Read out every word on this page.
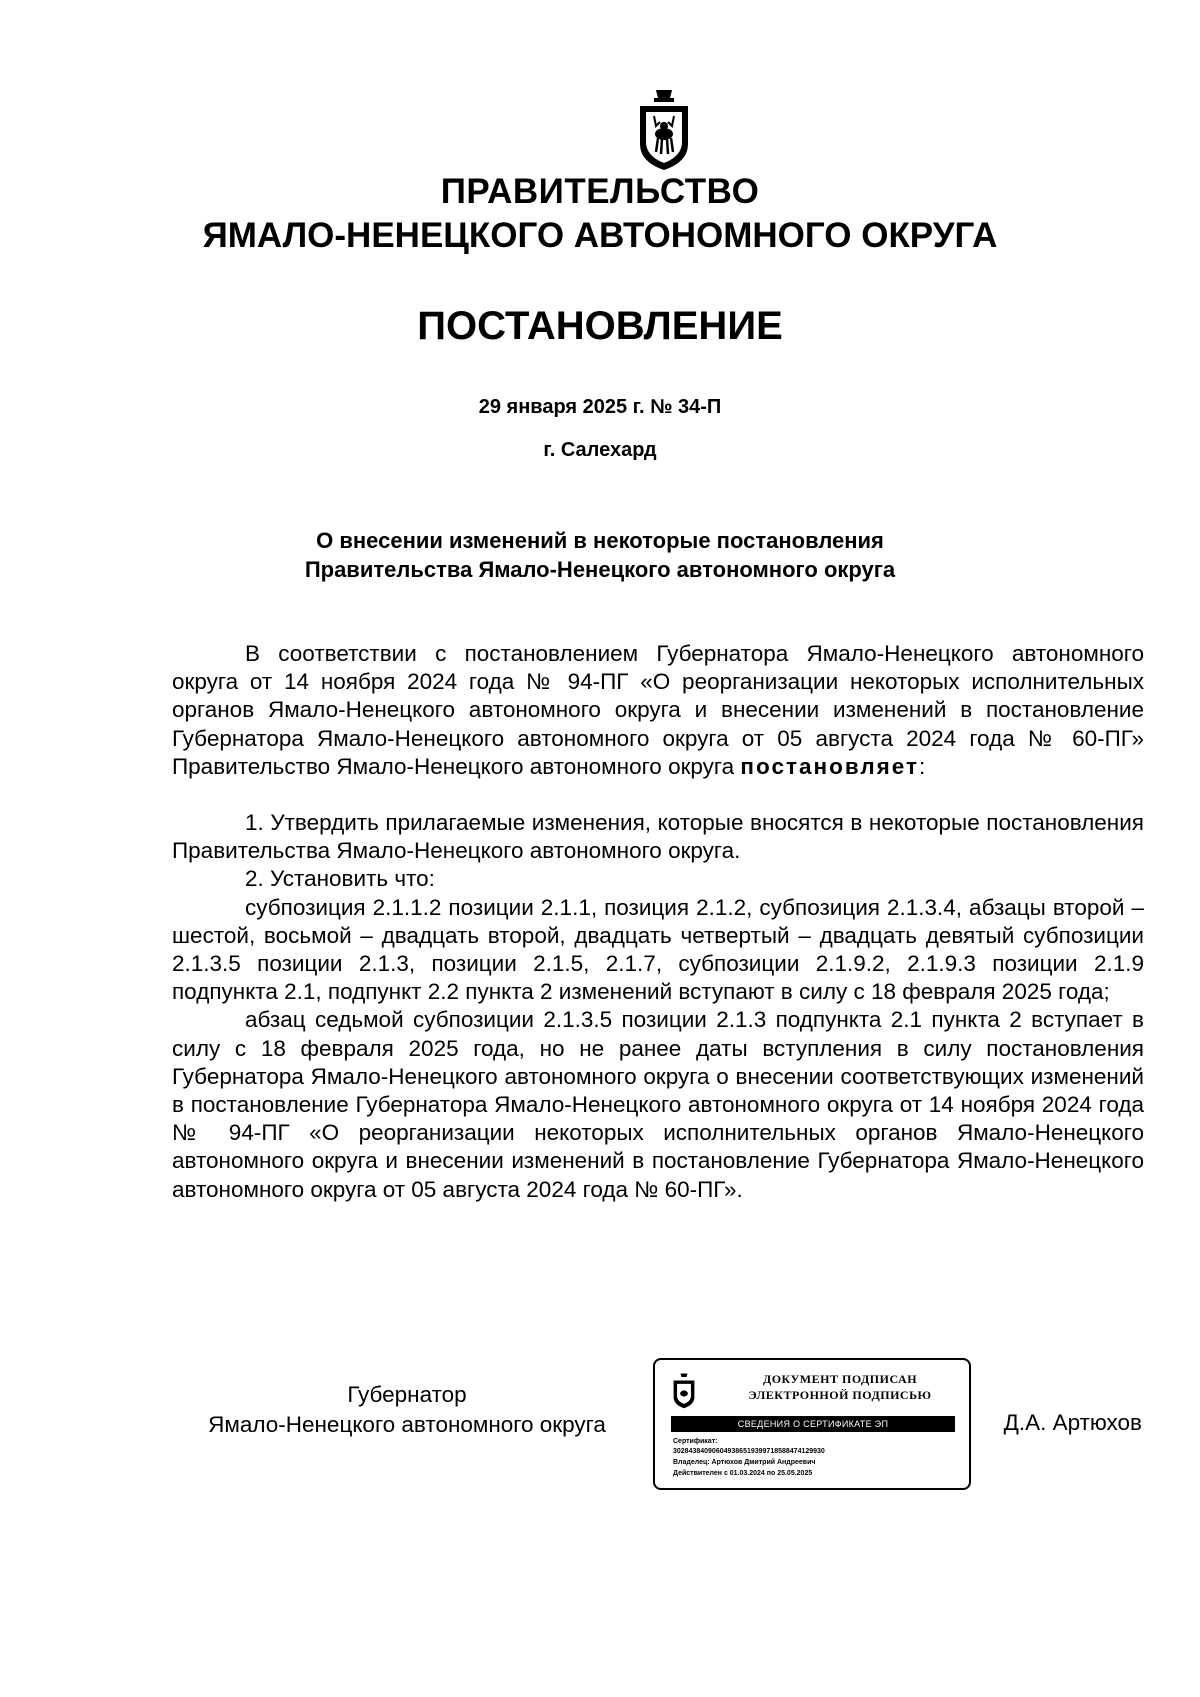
ПРАВИТЕЛЬСТВО
ЯМАЛО-НЕНЕЦКОГО АВТОНОМНОГО ОКРУГА
ПОСТАНОВЛЕНИЕ
29 января 2025 г. № 34-П
г. Салехард
О внесении изменений в некоторые постановления
Правительства Ямало-Ненецкого автономного округа

В соответствии с постановлением Губернатора Ямало-Ненецкого автономного округа от 14 ноября 2024 года № 94-ПГ «О реорганизации некоторых исполнительных органов Ямало-Ненецкого автономного округа и внесении изменений в постановление Губернатора Ямало-Ненецкого автономного округа от 05 августа 2024 года № 60-ПГ» Правительство Ямало-Ненецкого автономного округа постановляет:

1. Утвердить прилагаемые изменения, которые вносятся в некоторые постановления Правительства Ямало-Ненецкого автономного округа.

2. Установить что:

субпозиция 2.1.1.2 позиции 2.1.1, позиция 2.1.2, субпозиция 2.1.3.4, абзацы второй – шестой, восьмой – двадцать второй, двадцать четвертый – двадцать девятый субпозиции 2.1.3.5 позиции 2.1.3, позиции 2.1.5, 2.1.7, субпозиции 2.1.9.2, 2.1.9.3 позиции 2.1.9 подпункта 2.1, подпункт 2.2 пункта 2 изменений вступают в силу с 18 февраля 2025 года;

абзац седьмой субпозиции 2.1.3.5 позиции 2.1.3 подпункта 2.1 пункта 2 вступает в силу с 18 февраля 2025 года, но не ранее даты вступления в силу постановления Губернатора Ямало-Ненецкого автономного округа о внесении соответствующих изменений в постановление Губернатора Ямало-Ненецкого автономного округа от 14 ноября 2024 года № 94-ПГ «О реорганизации некоторых исполнительных органов Ямало-Ненецкого автономного округа и внесении изменений в постановление Губернатора Ямало-Ненецкого автономного округа от 05 августа 2024 года № 60-ПГ».

Губернатор
Ямало-Ненецкого автономного округа
ДОКУМЕНТ ПОДПИСАН
ЭЛЕКТРОННОЙ ПОДПИСЬЮ
СВЕДЕНИЯ О СЕРТИФИКАТЕ ЭП
Сертификат:
302843840906049386519399718588474129930
Владелец: Артюхов Дмитрий Андреевич
Действителен с 01.03.2024 по 25.05.2025
Д.А. Артюхов
